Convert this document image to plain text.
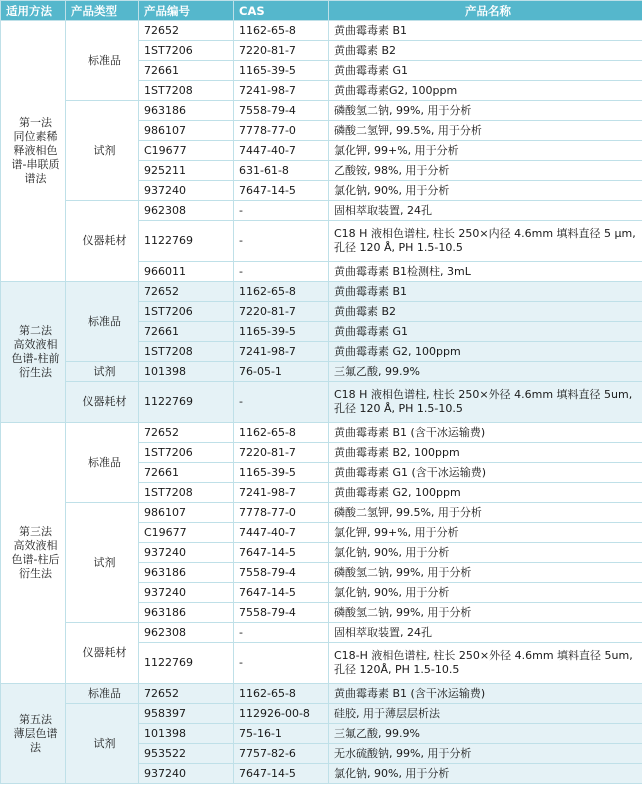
适用方法	产品类型	产品编号	CAS	产品名称
第一法
同位素稀
释液相色
谱-串联质
谱法	标准品	72652	1162-65-8	黄曲霉毒素 B1
		1ST7206	7220-81-7	黄曲霉素 B2
		72661	1165-39-5	黄曲霉毒素 G1
		1ST7208	7241-98-7	黄曲霉毒素G2, 100ppm
	试剂	963186	7558-79-4	磷酸氢二钠, 99%, 用于分析
		986107	7778-77-0	磷酸二氢钾, 99.5%, 用于分析
		C19677	7447-40-7	氯化钾, 99+%, 用于分析
		925211	631-61-8	乙酸铵, 98%, 用于分析
		937240	7647-14-5	氯化钠, 90%, 用于分析
	仪器耗材	962308	-	固相萃取装置, 24孔
		1122769	-	C18 H 液相色谱柱, 柱长 250×内径 4.6mm 填料直径 5 μm, 孔径 120 Å, PH 1.5-10.5
		966011	-	黄曲霉毒素 B1检测柱, 3mL
第二法
高效液相
色谱-柱前
衍生法	标准品	72652	1162-65-8	黄曲霉毒素 B1
		1ST7206	7220-81-7	黄曲霉素 B2
		72661	1165-39-5	黄曲霉毒素 G1
		1ST7208	7241-98-7	黄曲霉毒素 G2, 100ppm
	试剂	101398	76-05-1	三氟乙酸, 99.9%
	仪器耗材	1122769	-	C18 H 液相色谱柱, 柱长 250×外径 4.6mm 填料直径 5um, 孔径 120 Å, PH 1.5-10.5
第三法
高效液相
色谱-柱后
衍生法	标准品	72652	1162-65-8	黄曲霉毒素 B1 (含干冰运输费)
		1ST7206	7220-81-7	黄曲霉毒素 B2, 100ppm
		72661	1165-39-5	黄曲霉毒素 G1 (含干冰运输费)
		1ST7208	7241-98-7	黄曲霉毒素 G2, 100ppm
	试剂	986107	7778-77-0	磷酸二氢钾, 99.5%, 用于分析
		C19677	7447-40-7	氯化钾, 99+%, 用于分析
		937240	7647-14-5	氯化钠, 90%, 用于分析
		963186	7558-79-4	磷酸氢二钠, 99%, 用于分析
		937240	7647-14-5	氯化钠, 90%, 用于分析
		963186	7558-79-4	磷酸氢二钠, 99%, 用于分析
	仪器耗材	962308	-	固相萃取装置, 24孔
		1122769	-	C18-H 液相色谱柱, 柱长 250×外径 4.6mm 填料直径 5um, 孔径 120Å, PH 1.5-10.5
第五法
薄层色谱
法	标准品	72652	1162-65-8	黄曲霉毒素 B1 (含干冰运输费)
	试剂	958397	112926-00-8	硅胶, 用于薄层层析法
		101398	75-16-1	三氟乙酸, 99.9%
		953522	7757-82-6	无水硫酸钠, 99%, 用于分析
		937240	7647-14-5	氯化钠, 90%, 用于分析
